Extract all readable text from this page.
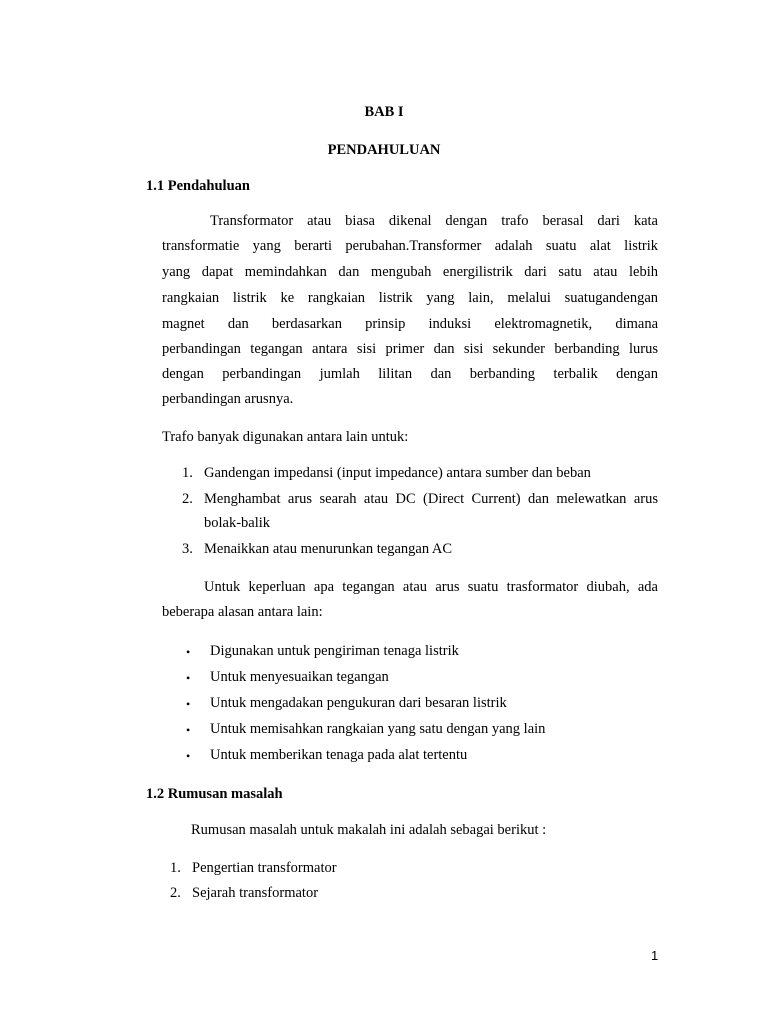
BAB I
PENDAHULUAN
1.1 Pendahuluan
Transformator atau biasa dikenal dengan trafo berasal dari kata
transformatie yang berarti perubahan.Transformer adalah suatu alat listrik
yang dapat memindahkan dan mengubah energilistrik dari satu atau lebih
rangkaian listrik ke rangkaian listrik yang lain, melalui suatugandengan
magnet dan berdasarkan prinsip induksi elektromagnetik, dimana
perbandingan tegangan antara sisi primer dan sisi sekunder berbanding lurus
dengan perbandingan jumlah lilitan dan berbanding terbalik dengan
perbandingan arusnya.
Trafo banyak digunakan antara lain untuk:
1. Gandengan impedansi (input impedance) antara sumber dan beban
2. Menghambat arus searah atau DC (Direct Current) dan melewatkan arus
bolak-balik
3. Menaikkan atau menurunkan tegangan AC
Untuk keperluan apa tegangan atau arus suatu trasformator diubah, ada
beberapa alasan antara lain:
• Digunakan untuk pengiriman tenaga listrik
• Untuk menyesuaikan tegangan
• Untuk mengadakan pengukuran dari besaran listrik
• Untuk memisahkan rangkaian yang satu dengan yang lain
• Untuk memberikan tenaga pada alat tertentu
1.2 Rumusan masalah
Rumusan masalah untuk makalah ini adalah sebagai berikut :
1. Pengertian transformator
2. Sejarah transformator
1
